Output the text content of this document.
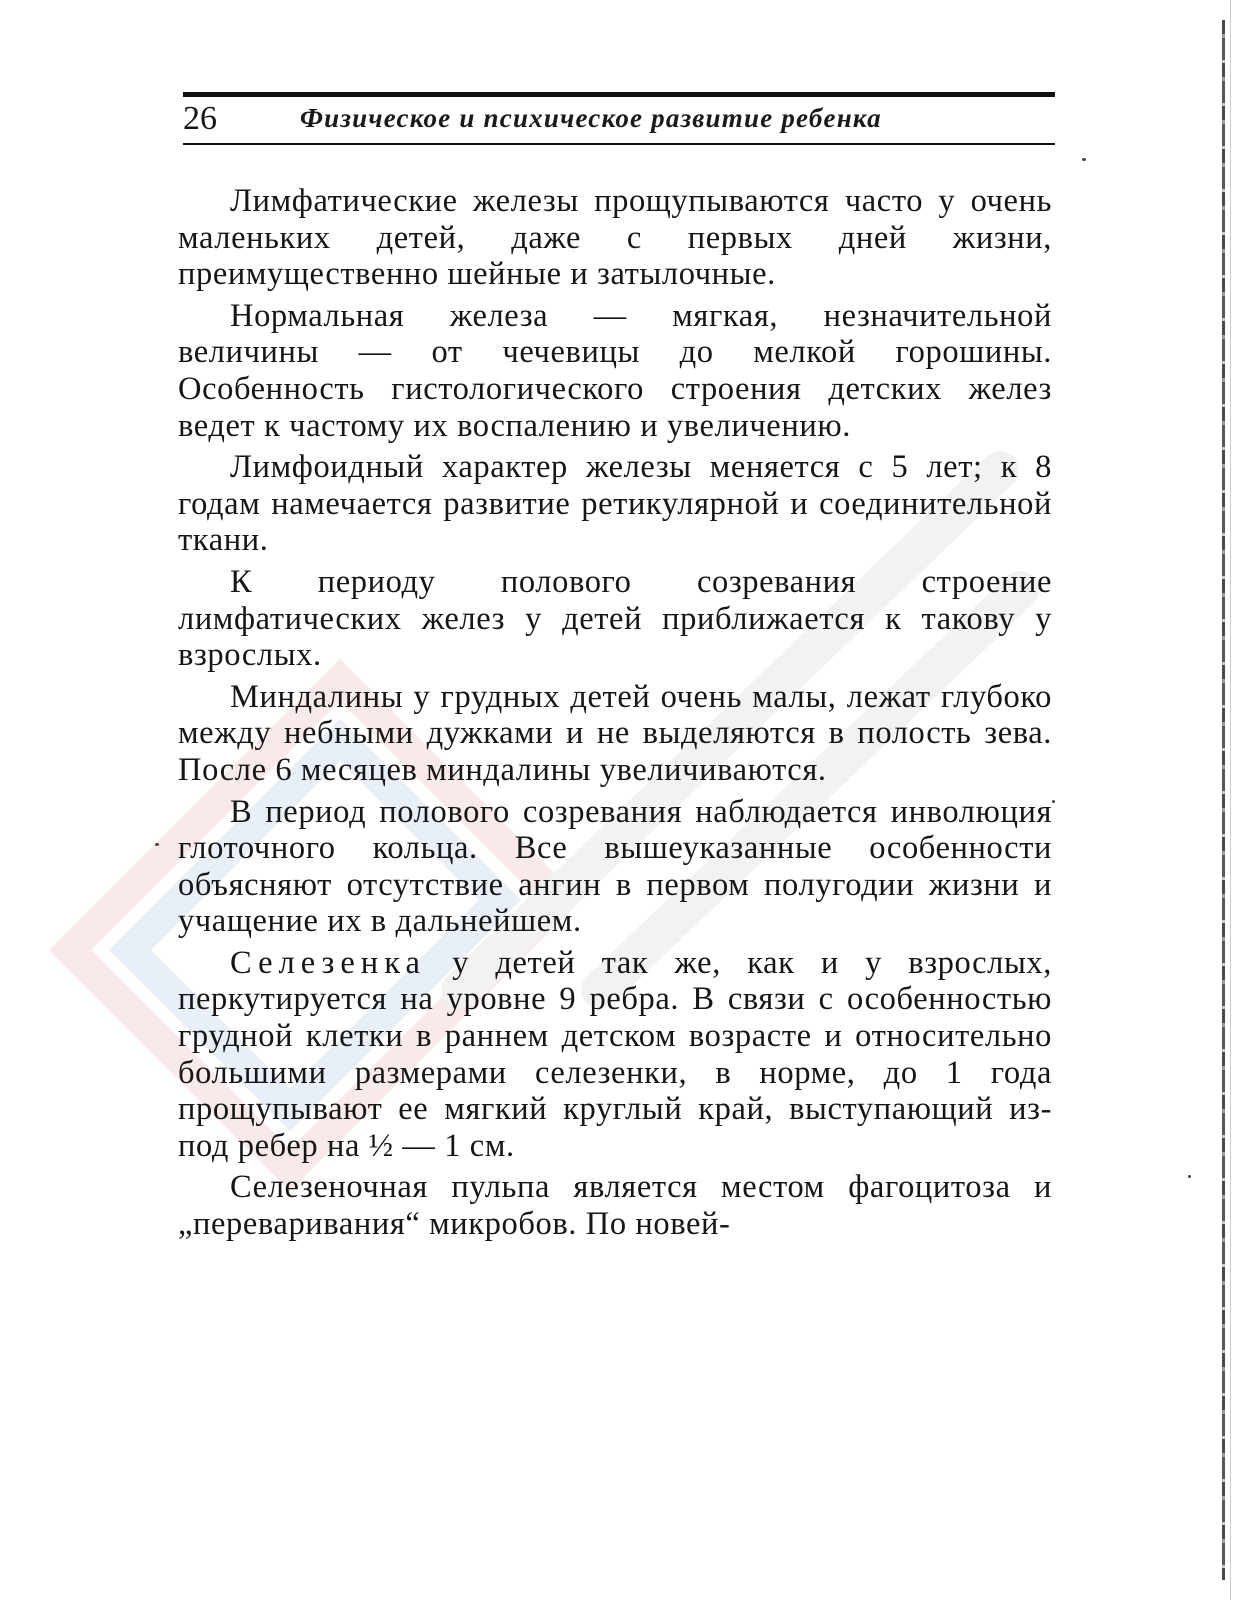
26	Физическое и психическое развитие ребенка

Лимфатические железы прощупываются часто у очень маленьких детей, даже с первых дней жизни, преимущественно шейные и затылочные.

Нормальная железа — мягкая, незначительной величины — от чечевицы до мелкой горошины. Особенность гистологического строения детских желез ведет к частому их воспалению и увеличению.

Лимфоидный характер железы меняется с 5 лет; к 8 годам намечается развитие ретикулярной и соединительной ткани.

К периоду полового созревания строение лимфатических желез у детей приближается к такову у взрослых.

Миндалины у грудных детей очень малы, лежат глубоко между небными дужками и не выделяются в полость зева. После 6 месяцев миндалины увеличиваются.

В период полового созревания наблюдается инволюция глоточного кольца. Все вышеуказанные особенности объясняют отсутствие ангин в первом полугодии жизни и учащение их в дальнейшем.

Селезенка у детей так же, как и у взрослых, перкутируется на уровне 9 ребра. В связи с особенностью грудной клетки в раннем детском возрасте и относительно большими размерами селезенки, в норме, до 1 года прощупывают ее мягкий круглый край, выступающий из-под ребер на ½ — 1 см.

Селезеночная пульпа является местом фагоцитоза и „переваривания“ микробов. По новей-
